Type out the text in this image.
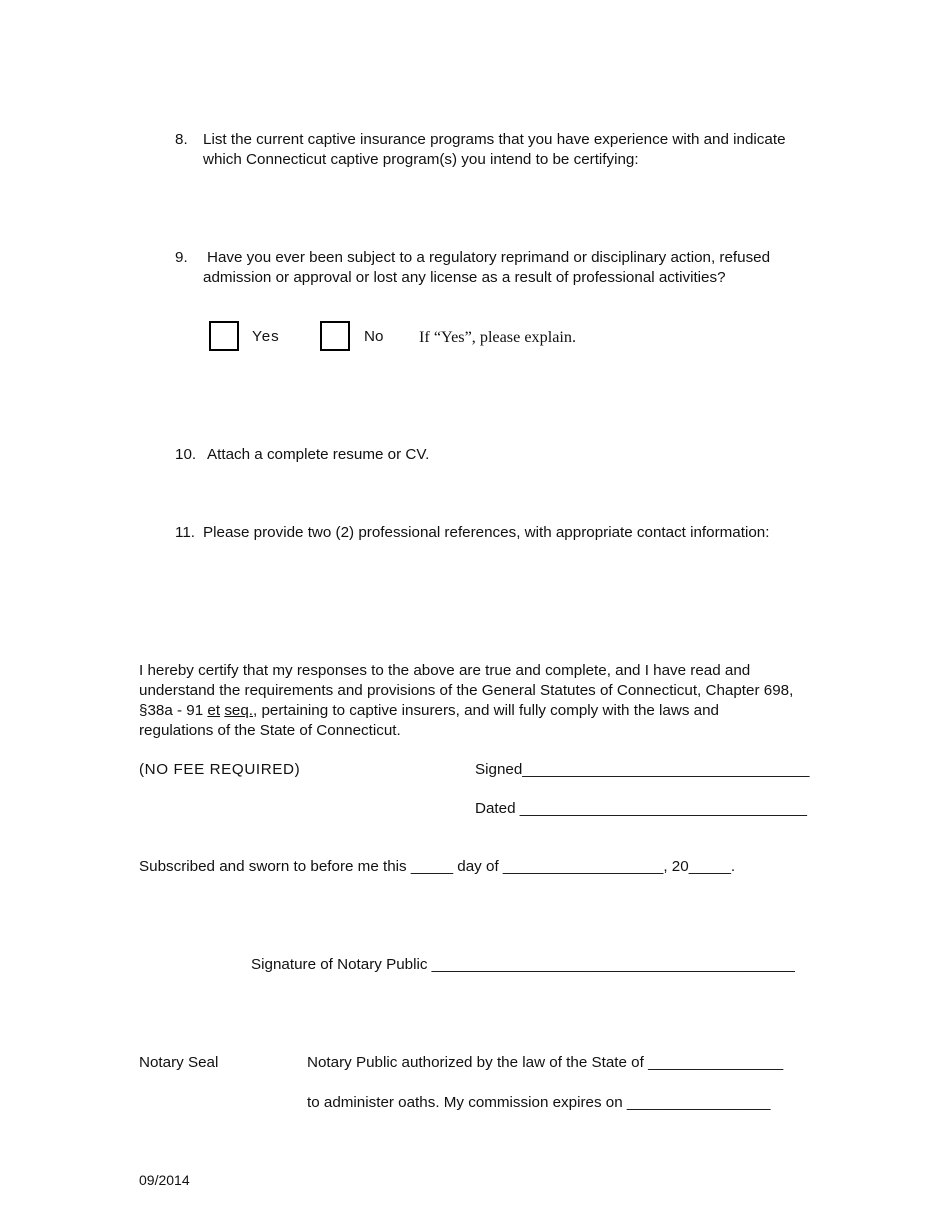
8. List the current captive insurance programs that you have experience with and indicate
which Connecticut captive program(s) you intend to be certifying:
9. Have you ever been subject to a regulatory reprimand or disciplinary action, refused
admission or approval or lost any license as a result of professional activities?
Yes	No If “Yes”, please explain.
10. Attach a complete resume or CV.
11. Please provide two (2) professional references, with appropriate contact information:
I hereby certify that my responses to the above are true and complete, and I have read and
understand the requirements and provisions of the General Statutes of Connecticut, Chapter 698,
§38a - 91 et seq., pertaining to captive insurers, and will fully comply with the laws and
regulations of the State of Connecticut.
(NO FEE REQUIRED)	Signed__________________________________
Dated __________________________________
Subscribed and sworn to before me this _____ day of ___________________, 20_____.
Signature of Notary Public ___________________________________________
Notary Seal	Notary Public authorized by the law of the State of ________________
to administer oaths. My commission expires on _________________
09/2014
